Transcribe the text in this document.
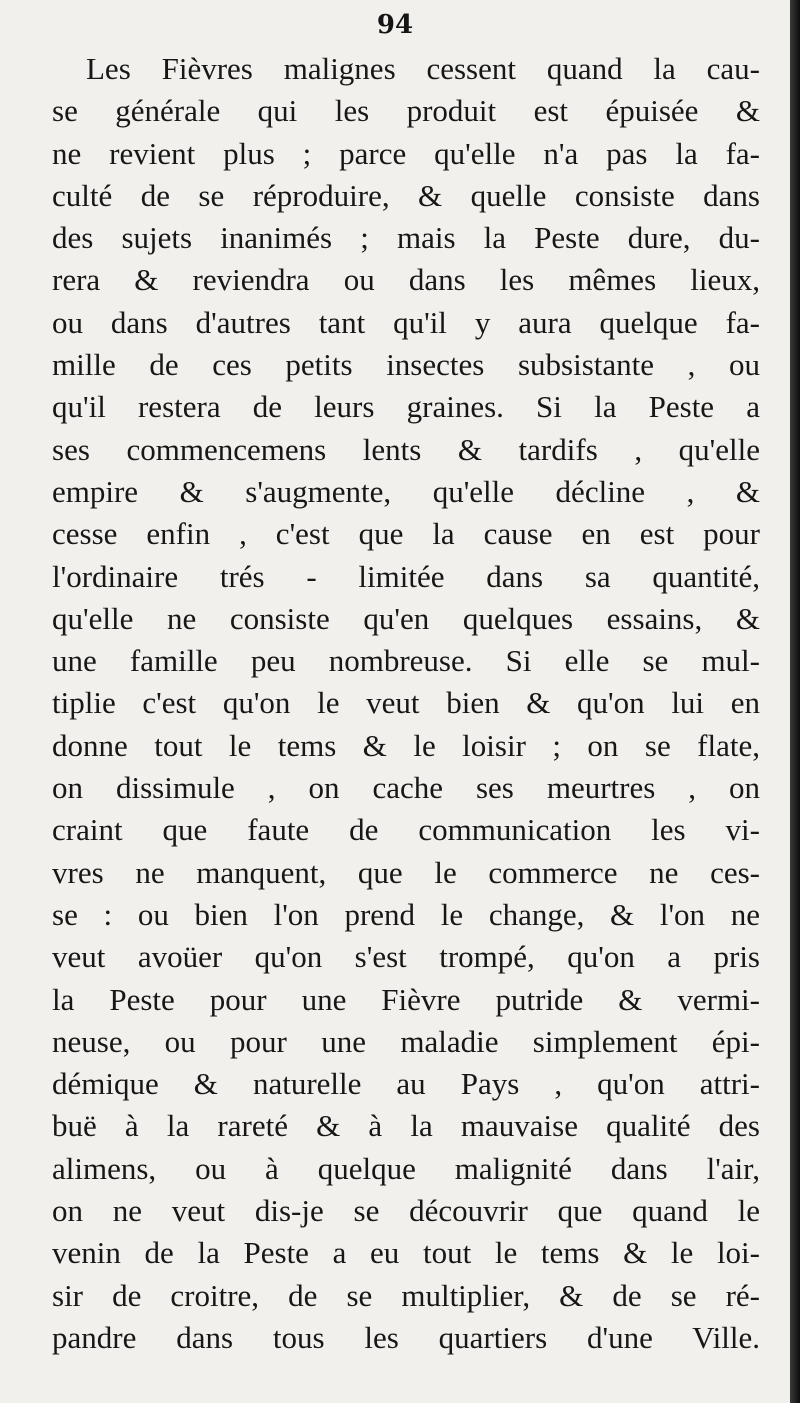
94

Les Fièvres malignes cessent quand la cau-
se générale qui les produit est épuisée &
ne revient plus ; parce qu'elle n'a pas la fa-
culté de se réproduire, & quelle consiste dans
des sujets inanimés ; mais la Peste dure, du-
rera & reviendra ou dans les mêmes lieux,
ou dans d'autres tant qu'il y aura quelque fa-
mille de ces petits insectes subsistante , ou
qu'il restera de leurs graines. Si la Peste a
ses commencemens lents & tardifs , qu'elle
empire & s'augmente, qu'elle décline , &
cesse enfin , c'est que la cause en est pour
l'ordinaire trés - limitée dans sa quantité,
qu'elle ne consiste qu'en quelques essains, &
une famille peu nombreuse. Si elle se mul-
tiplie c'est qu'on le veut bien & qu'on lui en
donne tout le tems & le loisir ; on se flate,
on dissimule , on cache ses meurtres , on
craint que faute de communication les vi-
vres ne manquent, que le commerce ne ces-
se : ou bien l'on prend le change, & l'on ne
veut avoüer qu'on s'est trompé, qu'on a pris
la Peste pour une Fièvre putride & vermi-
neuse, ou pour une maladie simplement épi-
démique & naturelle au Pays , qu'on attri-
buë à la rareté & à la mauvaise qualité des
alimens, ou à quelque malignité dans l'air,
on ne veut dis-je se découvrir que quand le
venin de la Peste a eu tout le tems & le loi-
sir de croitre, de se multiplier, & de se ré-
pandre dans tous les quartiers d'une Ville.
